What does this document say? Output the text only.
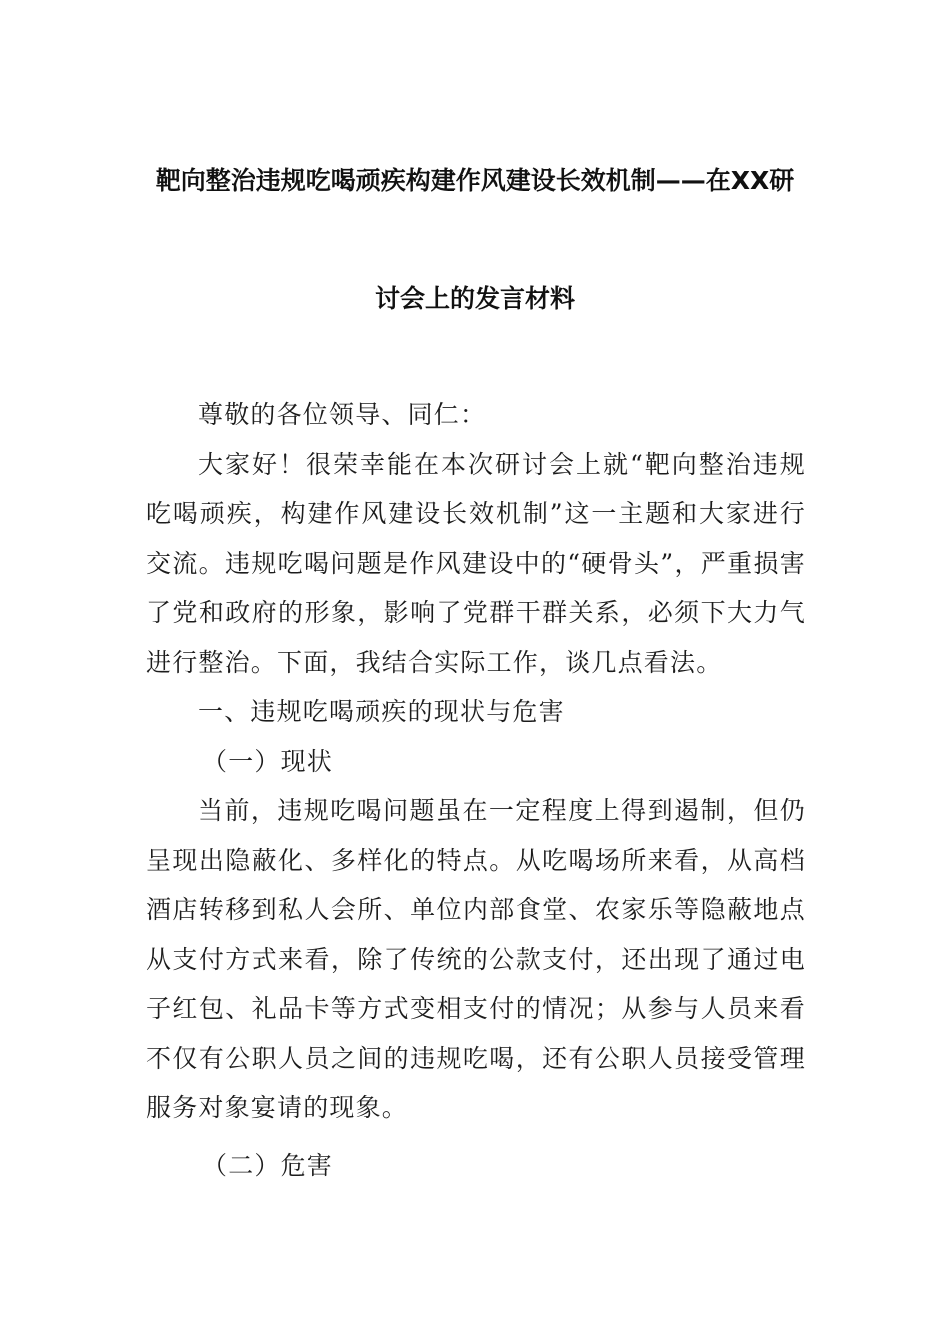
靶向整治违规吃喝顽疾构建作风建设长效机制——在XX研
讨会上的发言材料

尊敬的各位领导、同仁：

大家好！很荣幸能在本次研讨会上就“靶向整治违规吃喝顽疾，构建作风建设长效机制”这一主题和大家进行交流。违规吃喝问题是作风建设中的“硬骨头”，严重损害了党和政府的形象，影响了党群干群关系，必须下大力气进行整治。下面，我结合实际工作，谈几点看法。

一、违规吃喝顽疾的现状与危害

（一）现状

当前，违规吃喝问题虽在一定程度上得到遏制，但仍呈现出隐蔽化、多样化的特点。从吃喝场所来看，从高档酒店转移到私人会所、单位内部食堂、农家乐等隐蔽地点从支付方式来看，除了传统的公款支付，还出现了通过电子红包、礼品卡等方式变相支付的情况；从参与人员来看不仅有公职人员之间的违规吃喝，还有公职人员接受管理服务对象宴请的现象。

（二）危害
